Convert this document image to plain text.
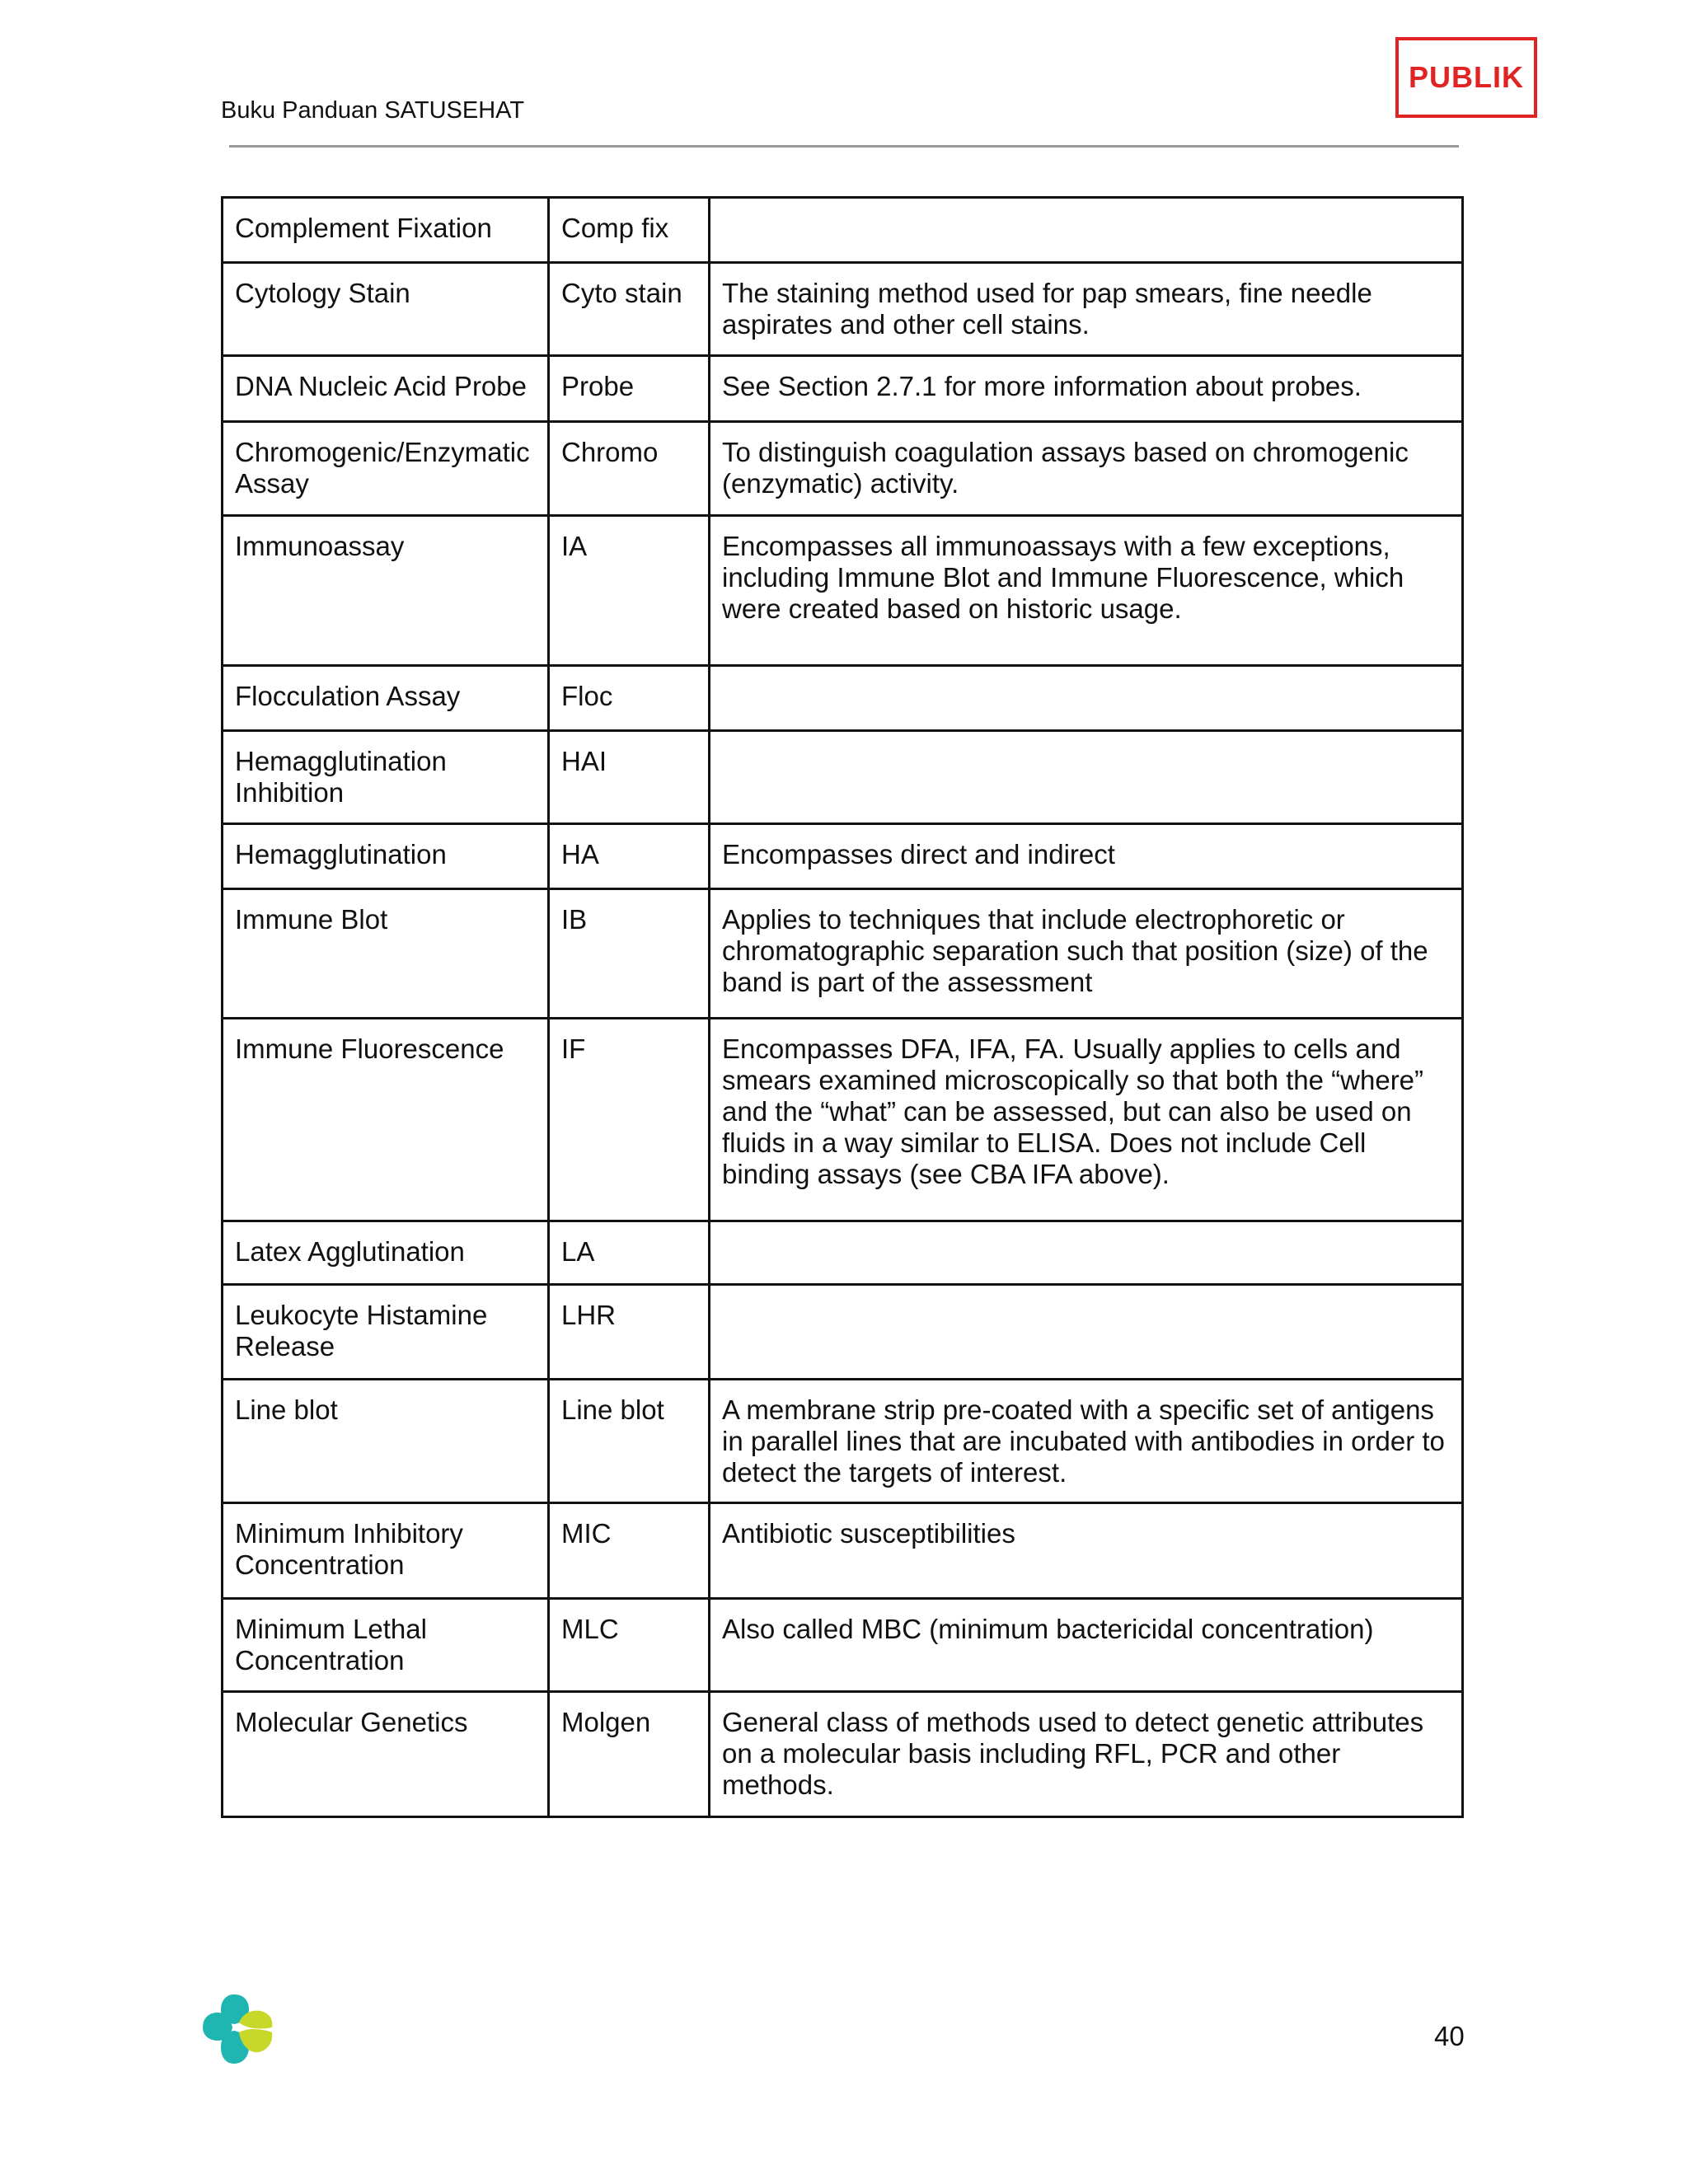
PUBLIK
Buku Panduan SATUSEHAT
Complement Fixation	Comp fix	
Cytology Stain	Cyto stain	The staining method used for pap smears, fine needle aspirates and other cell stains.
DNA Nucleic Acid Probe	Probe	See Section 2.7.1 for more information about probes.
Chromogenic/Enzymatic Assay	Chromo	To distinguish coagulation assays based on chromogenic (enzymatic) activity.
Immunoassay	IA	Encompasses all immunoassays with a few exceptions, including Immune Blot and Immune Fluorescence, which were created based on historic usage.
Flocculation Assay	Floc	
Hemagglutination Inhibition	HAI	
Hemagglutination	HA	Encompasses direct and indirect
Immune Blot	IB	Applies to techniques that include electrophoretic or chromatographic separation such that position (size) of the band is part of the assessment
Immune Fluorescence	IF	Encompasses DFA, IFA, FA. Usually applies to cells and smears examined microscopically so that both the “where” and the “what” can be assessed, but can also be used on fluids in a way similar to ELISA. Does not include Cell binding assays (see CBA IFA above).
Latex Agglutination	LA	
Leukocyte Histamine Release	LHR	
Line blot	Line blot	A membrane strip pre-coated with a specific set of antigens in parallel lines that are incubated with antibodies in order to detect the targets of interest.
Minimum Inhibitory Concentration	MIC	Antibiotic susceptibilities
Minimum Lethal Concentration	MLC	Also called MBC (minimum bactericidal concentration)
Molecular Genetics	Molgen	General class of methods used to detect genetic attributes on a molecular basis including RFL, PCR and other methods.
40
